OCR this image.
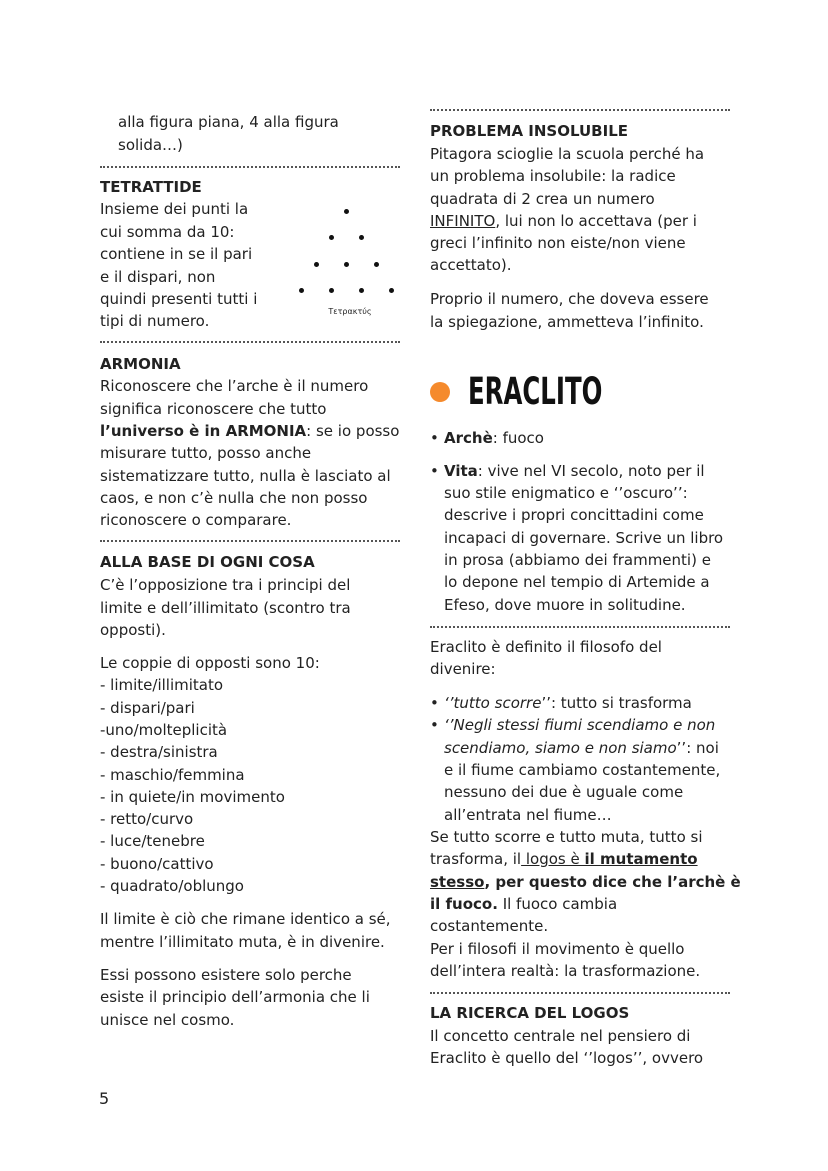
alla figura piana, 4 alla figura
solida…)
TETRATTIDE
Insieme dei punti la
cui somma da 10:
contiene in se il pari
e il dispari, non
quindi presenti tutti i
tipi di numero.
Τετρακτύς
ARMONIA
Riconoscere che l’arche è il numero
significa riconoscere che tutto
l’universo è in ARMONIA: se io posso
misurare tutto, posso anche
sistematizzare tutto, nulla è lasciato al
caos, e non c’è nulla che non posso
riconoscere o comparare.
ALLA BASE DI OGNI COSA
C’è l’opposizione tra i principi del
limite e dell’illimitato (scontro tra
opposti).
Le coppie di opposti sono 10:
- limite/illimitato
- dispari/pari
-uno/molteplicità
- destra/sinistra
- maschio/femmina
- in quiete/in movimento
- retto/curvo
- luce/tenebre
- buono/cattivo
- quadrato/oblungo
Il limite è ciò che rimane identico a sé,
mentre l’illimitato muta, è in divenire.
Essi possono esistere solo perche
esiste il principio dell’armonia che li
unisce nel cosmo.
PROBLEMA INSOLUBILE
Pitagora scioglie la scuola perché ha
un problema insolubile: la radice
quadrata di 2 crea un numero
INFINITO, lui non lo accettava (per i
greci l’infinito non eiste/non viene
accettato).
Proprio il numero, che doveva essere
la spiegazione, ammetteva l’infinito.
ERACLITO
• Archè: fuoco
• Vita: vive nel VI secolo, noto per il
suo stile enigmatico e ‘’oscuro’’:
descrive i propri concittadini come
incapaci di governare. Scrive un libro
in prosa (abbiamo dei frammenti) e
lo depone nel tempio di Artemide a
Efeso, dove muore in solitudine.
Eraclito è definito il filosofo del
divenire:
• ‘’tutto scorre’’: tutto si trasforma
• ‘’Negli stessi fiumi scendiamo e non
scendiamo, siamo e non siamo’’: noi
e il fiume cambiamo costantemente,
nessuno dei due è uguale come
all’entrata nel fiume…
Se tutto scorre e tutto muta, tutto si
trasforma, il logos è il mutamento
stesso, per questo dice che l’archè è
il fuoco. Il fuoco cambia
costantemente.
Per i filosofi il movimento è quello
dell’intera realtà: la trasformazione.
LA RICERCA DEL LOGOS
Il concetto centrale nel pensiero di
Eraclito è quello del ‘’logos’’, ovvero
5
